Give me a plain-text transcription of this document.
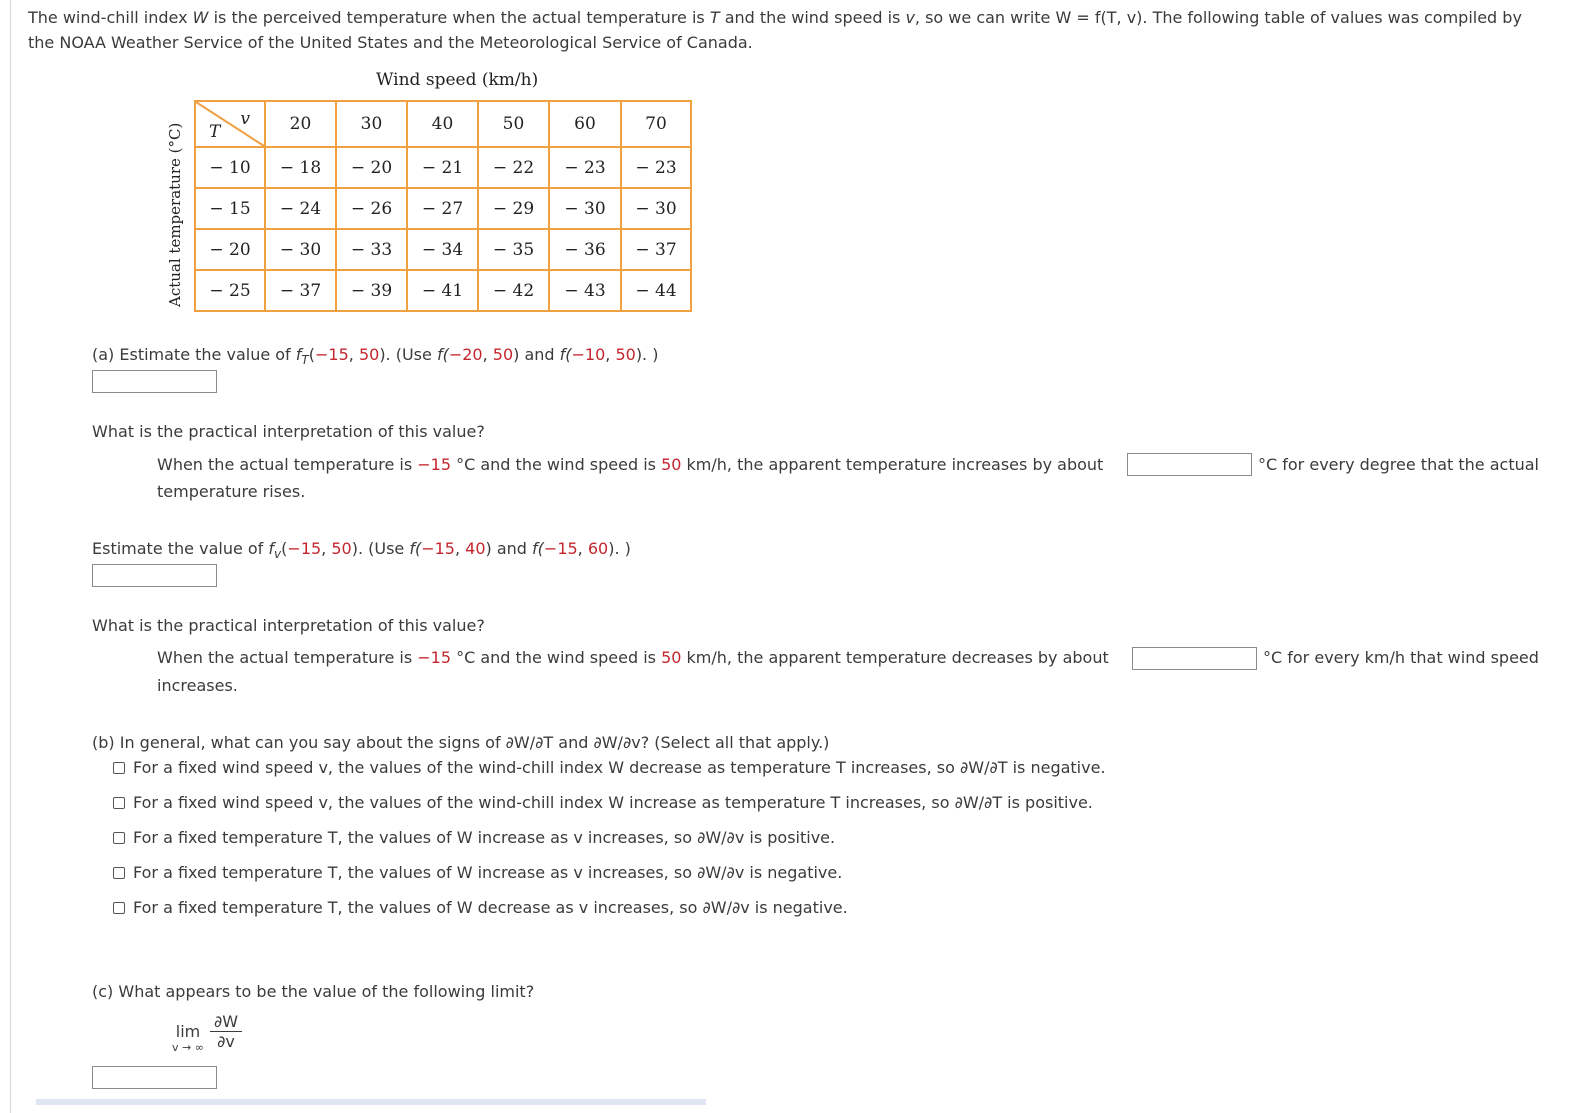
The wind-chill index W is the perceived temperature when the actual temperature is T and the wind speed is v, so we can write W = f(T, v). The following table of values was compiled by
the NOAA Weather Service of the United States and the Meteorological Service of Canada.
Wind speed (km/h)
Actual temperature (°C)
v
T	20	30	40	50	60	70
− 10	− 18	− 20	− 21	− 22	− 23	− 23
− 15	− 24	− 26	− 27	− 29	− 30	− 30
− 20	− 30	− 33	− 34	− 35	− 36	− 37
− 25	− 37	− 39	− 41	− 42	− 43	− 44
(a) Estimate the value of $f_T(-15$, 50). (Use f(−20, 50) and f(−10, 50). )
What is the practical interpretation of this value?
When the actual temperature is −15 °C and the wind speed is 50 km/h, the apparent temperature increases by about	°C for every degree that the actual
temperature rises.
Estimate the value of $f_v(-15$, 50). (Use f(−15, 40) and f(−15, 60). )
What is the practical interpretation of this value?
When the actual temperature is −15 °C and the wind speed is 50 km/h, the apparent temperature decreases by about	°C for every km/h that wind speed
increases.
(b) In general, what can you say about the signs of ∂W/∂T and ∂W/∂v? (Select all that apply.)
For a fixed wind speed v, the values of the wind-chill index W decrease as temperature T increases, so ∂W/∂T is negative.
For a fixed wind speed v, the values of the wind-chill index W increase as temperature T increases, so ∂W/∂T is positive.
For a fixed temperature T, the values of W increase as v increases, so ∂W/∂v is positive.
For a fixed temperature T, the values of W increase as v increases, so ∂W/∂v is negative.
For a fixed temperature T, the values of W decrease as v increases, so ∂W/∂v is negative.
(c) What appears to be the value of the following limit?
lim
v → ∞ $\frac{\partial W}{\partial v}$
